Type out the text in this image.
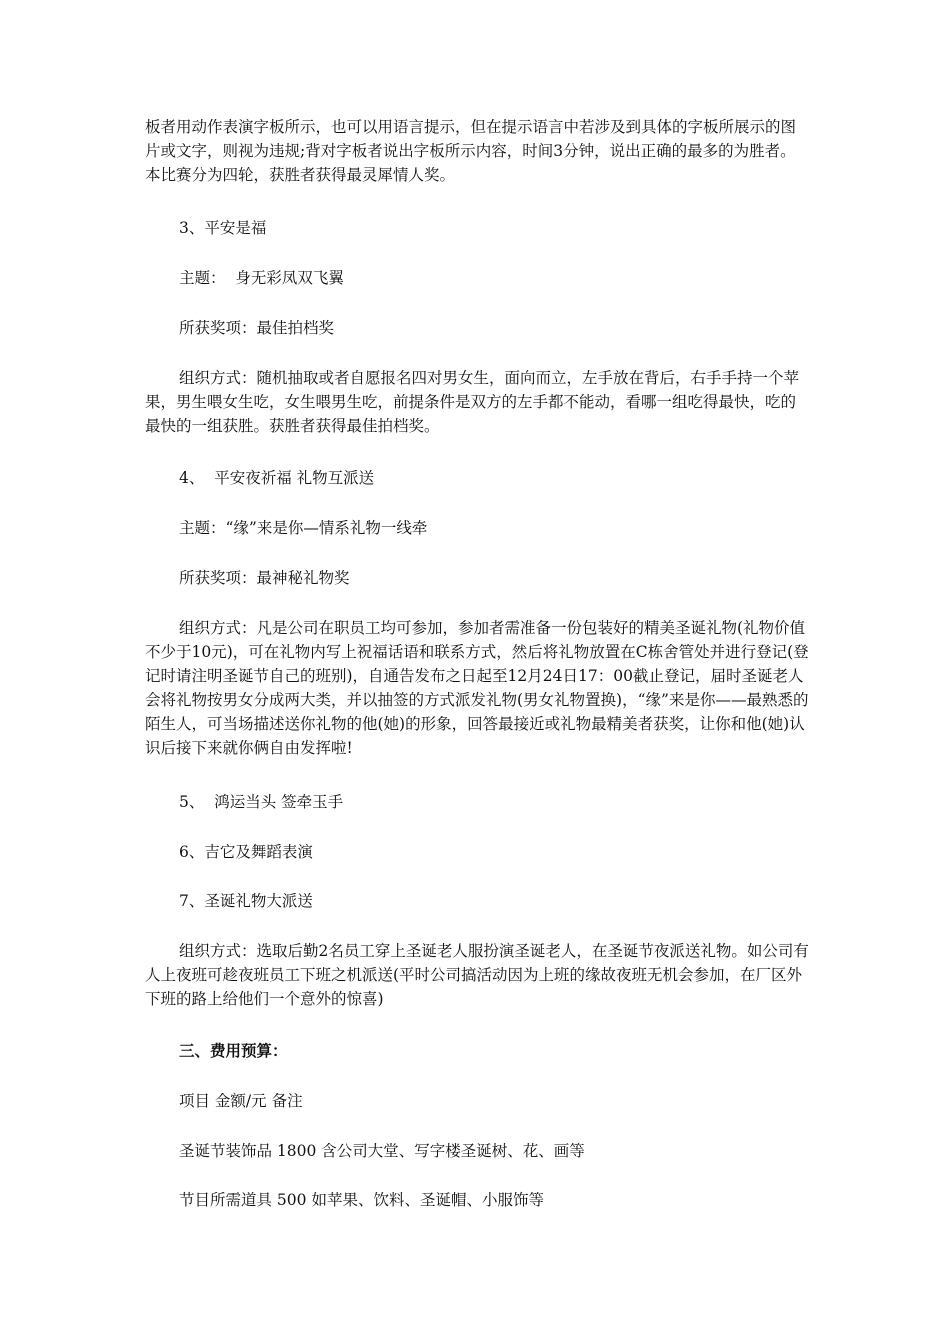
板者用动作表演字板所示，也可以用语言提示，但在提示语言中若涉及到具体的字板所展示的图片或文字，则视为违规;背对字板者说出字板所示内容，时间3分钟，说出正确的最多的为胜者。本比赛分为四轮，获胜者获得最灵犀情人奖。

3、平安是福

主题：  身无彩凤双飞翼

所获奖项：最佳拍档奖

组织方式：随机抽取或者自愿报名四对男女生，面向而立，左手放在背后，右手手持一个苹果，男生喂女生吃，女生喂男生吃，前提条件是双方的左手都不能动，看哪一组吃得最快，吃的最快的一组获胜。获胜者获得最佳拍档奖。

4、  平安夜祈福 礼物互派送

主题：“缘”来是你—情系礼物一线牵

所获奖项：最神秘礼物奖

组织方式：凡是公司在职员工均可参加，参加者需准备一份包装好的精美圣诞礼物(礼物价值不少于10元)，可在礼物内写上祝福话语和联系方式，然后将礼物放置在C栋舍管处并进行登记(登记时请注明圣诞节自己的班别)，自通告发布之日起至12月24日17：00截止登记，届时圣诞老人会将礼物按男女分成两大类，并以抽签的方式派发礼物(男女礼物置换)，“缘”来是你——最熟悉的陌生人，可当场描述送你礼物的他(她)的形象，回答最接近或礼物最精美者获奖，让你和他(她)认识后接下来就你俩自由发挥啦!

5、  鸿运当头 签牵玉手

6、吉它及舞蹈表演

7、圣诞礼物大派送

组织方式：选取后勤2名员工穿上圣诞老人服扮演圣诞老人，在圣诞节夜派送礼物。如公司有人上夜班可趁夜班员工下班之机派送(平时公司搞活动因为上班的缘故夜班无机会参加，在厂区外下班的路上给他们一个意外的惊喜)

三、费用预算：

项目 金额/元 备注

圣诞节装饰品 1800 含公司大堂、写字楼圣诞树、花、画等

节目所需道具 500 如苹果、饮料、圣诞帽、小服饰等
